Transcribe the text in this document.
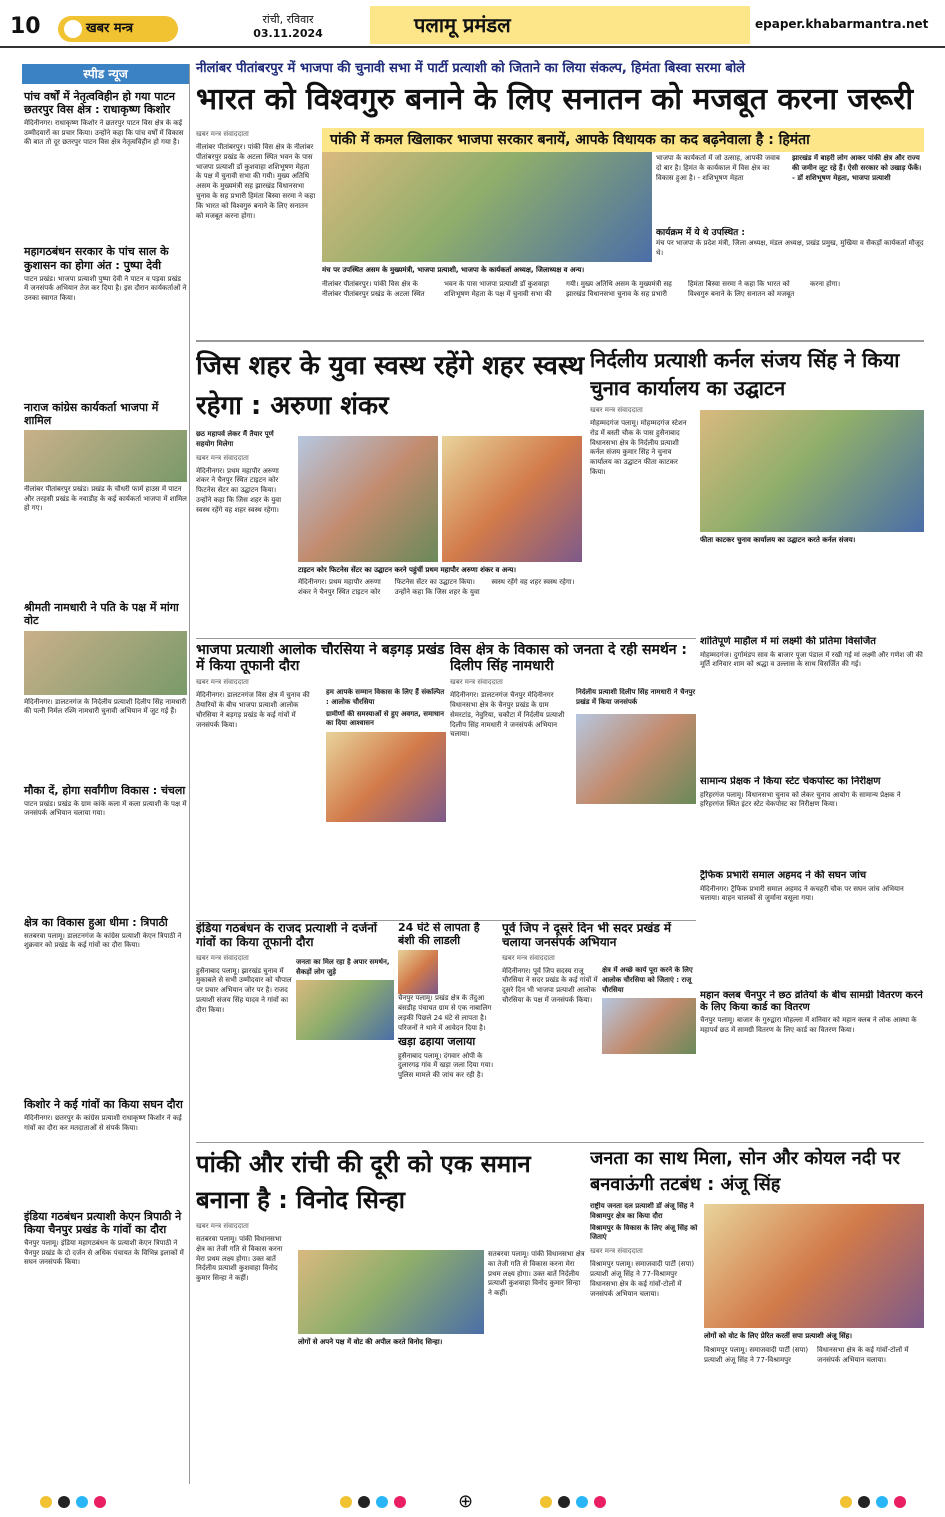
10	खबर मन्त्र
रांची, रविवार
03.11.2024	पलामू प्रमंडल	epaper.khabarmantra.net
स्पीड न्यूज
पांच वर्षों में नेतृत्वविहीन हो गया पाटन छतरपुर विस क्षेत्र : राधाकृष्ण किशोर
मेदिनीनगर। राधाकृष्ण किशोर ने छतरपुर पाटन विस क्षेत्र के कई उम्मीदवारों का प्रचार किया। उन्होंने कहा कि पांच वर्षों में विकास की बात तो दूर छतरपुर पाटन विस क्षेत्र नेतृत्वविहीन हो गया है।
महागठबंधन सरकार के पांच साल के कुशासन का होगा अंत : पुष्पा देवी
पाटन प्रखंड। भाजपा प्रत्याशी पुष्पा देवी ने पाटन व पड़वा प्रखंड में जनसंपर्क अभियान तेज कर दिया है। इस दौरान कार्यकर्ताओं ने उनका स्वागत किया।
नाराज कांग्रेस कार्यकर्ता भाजपा में शामिल
नीलांबर पीतांबरपुर प्रखंड। प्रखंड के चौधरी फार्म हाउस में पाटन और तरहसी प्रखंड के नवाडीह के कई कार्यकर्ता भाजपा में शामिल हो गए।
श्रीमती नामधारी ने पति के पक्ष में मांगा वोट
मेदिनीनगर। डालटनगंज के निर्दलीय प्रत्याशी दिलीप सिंह नामधारी की पत्नी निर्मल रश्मि नामधारी चुनावी अभियान में जुट गई हैं।
मौका दें, होगा सर्वांगीण विकास : चंचला
पाटन प्रखंड। प्रखंड के ग्राम कांके कला में कला प्रत्याशी के पक्ष में जनसंपर्क अभियान चलाया गया।
क्षेत्र का विकास हुआ धीमा : त्रिपाठी
सतबरवा पलामू। डालटनगंज के कांग्रेस प्रत्याशी केएन त्रिपाठी ने शुक्रवार को प्रखंड के कई गांवों का दौरा किया।
किशोर ने कई गांवों का किया सघन दौरा
मेदिनीनगर। छतरपुर के कांग्रेस प्रत्याशी राधाकृष्ण किशोर ने कई गांवों का दौरा कर मतदाताओं से संपर्क किया।
इंडिया गठबंधन प्रत्याशी केएन त्रिपाठी ने किया चैनपुर प्रखंड के गांवों का दौरा
चैनपुर पलामू। इंडिया महागठबंधन के प्रत्याशी केएन त्रिपाठी ने चैनपुर प्रखंड के दो दर्जन से अधिक पंचायत के विभिन्न इलाकों में सघन जनसंपर्क किया।
नीलांबर पीतांबरपुर में भाजपा की चुनावी सभा में पार्टी प्रत्याशी को जिताने का लिया संकल्प, हिमंता बिस्वा सरमा बोले
भारत को विश्वगुरु बनाने के लिए सनातन को मजबूत करना जरूरी
पांकी में कमल खिलाकर भाजपा सरकार बनायें, आपके विधायक का कद बढ़नेवाला है : हिमंता
खबर मन्त्र संवाददाता
नीलांबर पीतांबरपुर। पांकी विस क्षेत्र के नीलांबर पीतांबरपुर प्रखंड के अटला स्थित भवन के पास भाजपा प्रत्याशी डॉ कुशवाहा शशिभूषण मेहता के पक्ष में चुनावी सभा की गयी। मुख्य अतिथि असम के मुख्यमंत्री सह झारखंड विधानसभा चुनाव के सह प्रभारी हिमंता बिस्वा सरमा ने कहा कि भारत को विश्वगुरु बनाने के लिए सनातन को मजबूत करना होगा।
मंच पर उपस्थित असम के मुख्यमंत्री, भाजपा प्रत्याशी, भाजपा के कार्यकर्ता अध्यक्ष, जिलाध्यक्ष व अन्य।
भाजपा के कार्यकर्ता में जो उत्साह, आपकी जवाब दो बार है। हिमंत के कार्यकाल में विस क्षेत्र का विकास हुआ है। - शशिभूषण मेहता
झारखंड में बाहरी लोग आकर पांकी क्षेत्र और राज्य की जमीन लूट रहे हैं। ऐसी सरकार को उखाड़ फेंकें। - डॉ शशिभूषण मेहता, भाजपा प्रत्याशी
कार्यक्रम में ये थे उपस्थित :
मंच पर भाजपा के प्रदेश मंत्री, जिला अध्यक्ष, मंडल अध्यक्ष, प्रखंड प्रमुख, मुखिया व सैकड़ों कार्यकर्ता मौजूद थे।
नीलांबर पीतांबरपुर। पांकी विस क्षेत्र के नीलांबर पीतांबरपुर प्रखंड के अटला स्थित भवन के पास भाजपा प्रत्याशी डॉ कुशवाहा शशिभूषण मेहता के पक्ष में चुनावी सभा की गयी। मुख्य अतिथि असम के मुख्यमंत्री सह झारखंड विधानसभा चुनाव के सह प्रभारी हिमंता बिस्वा सरमा ने कहा कि भारत को विश्वगुरु बनाने के लिए सनातन को मजबूत करना होगा।
जिस शहर के युवा स्वस्थ रहेंगे शहर स्वस्थ रहेगा : अरुणा शंकर
छठ महापर्व लेकर मैं तैयार पूर्ण सहयोग मिलेगा
खबर मन्त्र संवाददाता
मेदिनीनगर। प्रथम महापौर अरुणा शंकर ने चैनपुर स्थित टाइटन कोर फिटनेस सेंटर का उद्घाटन किया। उन्होंने कहा कि जिस शहर के युवा स्वस्थ रहेंगे वह शहर स्वस्थ रहेगा।
टाइटन कोर फिटनेस सेंटर का उद्घाटन करने पहुंचीं प्रथम महापौर अरुणा शंकर व अन्य।
मेदिनीनगर। प्रथम महापौर अरुणा शंकर ने चैनपुर स्थित टाइटन कोर फिटनेस सेंटर का उद्घाटन किया। उन्होंने कहा कि जिस शहर के युवा स्वस्थ रहेंगे वह शहर स्वस्थ रहेगा।
निर्दलीय प्रत्याशी कर्नल संजय सिंह ने किया चुनाव कार्यालय का उद्घाटन
खबर मन्त्र संवाददाता
मोहम्मदगंज पलामू। मोहम्मदगंज स्टेशन रोड में बस्ती चौक के पास हुसैनाबाद विधानसभा क्षेत्र के निर्दलीय प्रत्याशी कर्नल संजय कुमार सिंह ने चुनाव कार्यालय का उद्घाटन फीता काटकर किया।
फीता काटकर चुनाव कार्यालय का उद्घाटन करते कर्नल संजय।
शांतिपूर्ण माहौल में मां लक्ष्मी की प्रतिमा विसर्जित
मोहम्मदगंज। दुर्गामंडप साव के बाजार पूजा पंडाल में रखी गई मां लक्ष्मी और गणेश जी की मूर्ति शनिवार शाम को श्रद्धा व उल्लास के साथ विसर्जित की गई।
सामान्य प्रेक्षक ने किया स्टेट चेकपोस्ट का निरीक्षण
हरिहरगंज पलामू। विधानसभा चुनाव को लेकर चुनाव आयोग के सामान्य प्रेक्षक ने हरिहरगंज स्थित इंटर स्टेट चेकपोस्ट का निरीक्षण किया।
ट्रैफिक प्रभारी समाल अहमद ने की सघन जांच
मेदिनीनगर। ट्रैफिक प्रभारी समाल अहमद ने कचहरी चौक पर सघन जांच अभियान चलाया। वाहन चालकों से जुर्माना वसूला गया।
महान क्लब चैनपुर ने छठ व्रतियों के बीच सामग्री वितरण करने के लिए किया कार्ड का वितरण
चैनपुर पलामू। बाजार के गुरुद्वारा मोहल्ला में शनिवार को महान क्लब ने लोक आस्था के महापर्व छठ में सामग्री वितरण के लिए कार्ड का वितरण किया।
भाजपा प्रत्याशी आलोक चौरसिया ने बड़गड़ प्रखंड में किया तूफानी दौरा
खबर मन्त्र संवाददाता
मेदिनीनगर। डालटनगंज विस क्षेत्र में चुनाव की तैयारियों के बीच भाजपा प्रत्याशी आलोक चौरसिया ने बड़गड़ प्रखंड के कई गांवों में जनसंपर्क किया।
हम आपके सम्मान विकास के लिए हैं संकल्पित : आलोक चौरसिया
ग्रामीणों की समस्याओं से हुए अवगत, समाधान का दिया आश्वासन
विस क्षेत्र के विकास को जनता दे रही समर्थन : दिलीप सिंह नामधारी
खबर मन्त्र संवाददाता
मेदिनीनगर। डालटनगंज चैनपुर मेदिनीनगर विधानसभा क्षेत्र के चैनपुर प्रखंड के ग्राम सेमरटांड, नेवुरिया, चकौटा में निर्दलीय प्रत्याशी दिलीप सिंह नामधारी ने जनसंपर्क अभियान चलाया।
निर्दलीय प्रत्याशी दिलीप सिंह नामधारी ने चैनपुर प्रखंड में किया जनसंपर्क
इंडिया गठबंधन के राजद प्रत्याशी ने दर्जनों गांवों का किया तूफानी दौरा
खबर मन्त्र संवाददाता
हुसैनाबाद पलामू। झारखंड चुनाव में मुकाबले से सभी उम्मीदवार को चौपाल पर प्रचार अभियान जोर पर है। राजद प्रत्याशी संजय सिंह यादव ने गांवों का दौरा किया।
जनता का मिल रहा है अपार समर्थन, सैकड़ों लोग जुड़े
24 घंटे से लापता है बंशी की लाडली
चैनपुर पलामू। प्रखंड क्षेत्र के तेंदुआ बंसडीह पंचायत ग्राम से एक नाबालिग लड़की पिछले 24 घंटे से लापता है। परिजनों ने थाने में आवेदन दिया है।
खड़ा ढहाया जलाया
हुसैनाबाद पलामू। दंगवार ओपी के दुलारगढ़ गांव में खड़ा जला दिया गया। पुलिस मामले की जांच कर रही है।
पूर्व जिप ने दूसरे दिन भी सदर प्रखंड में चलाया जनसंपर्क अभियान
खबर मन्त्र संवाददाता
मेदिनीनगर। पूर्व जिप सदस्य राजू चौरसिया ने सदर प्रखंड के कई गांवों में दूसरे दिन भी भाजपा प्रत्याशी आलोक चौरसिया के पक्ष में जनसंपर्क किया।
क्षेत्र में अच्छे कार्य पूरा करने के लिए आलोक चौरसिया को जिताएं : राजू चौरसिया
पांकी और रांची की दूरी को एक समान बनाना है : विनोद सिन्हा
खबर मन्त्र संवाददाता
सतबरवा पलामू। पांकी विधानसभा क्षेत्र का तेजी गति से विकास करना मेरा प्रथम लक्ष्य होगा। उक्त बातें निर्दलीय प्रत्याशी कुशवाहा विनोद कुमार सिन्हा ने कहीं।
लोगों से अपने पक्ष में वोट की अपील करते विनोद सिन्हा।
सतबरवा पलामू। पांकी विधानसभा क्षेत्र का तेजी गति से विकास करना मेरा प्रथम लक्ष्य होगा। उक्त बातें निर्दलीय प्रत्याशी कुशवाहा विनोद कुमार सिन्हा ने कहीं।
जनता का साथ मिला, सोन और कोयल नदी पर बनवाऊंगी तटबंध : अंजू सिंह
राष्ट्रीय जनता दल प्रत्याशी डॉ अंजू सिंह ने विश्रामपुर क्षेत्र का किया दौरा
विश्रामपुर के विकास के लिए अंजू सिंह को जिताएं
खबर मन्त्र संवाददाता
विश्रामपुर पलामू। समाजवादी पार्टी (सपा) प्रत्याशी अंजू सिंह ने 77-विश्रामपुर विधानसभा क्षेत्र के कई गांवों-टोलों में जनसंपर्क अभियान चलाया।
लोगों को वोट के लिए प्रेरित करतीं सपा प्रत्याशी अंजू सिंह।
विश्रामपुर पलामू। समाजवादी पार्टी (सपा) प्रत्याशी अंजू सिंह ने 77-विश्रामपुर विधानसभा क्षेत्र के कई गांवों-टोलों में जनसंपर्क अभियान चलाया।
⊕
